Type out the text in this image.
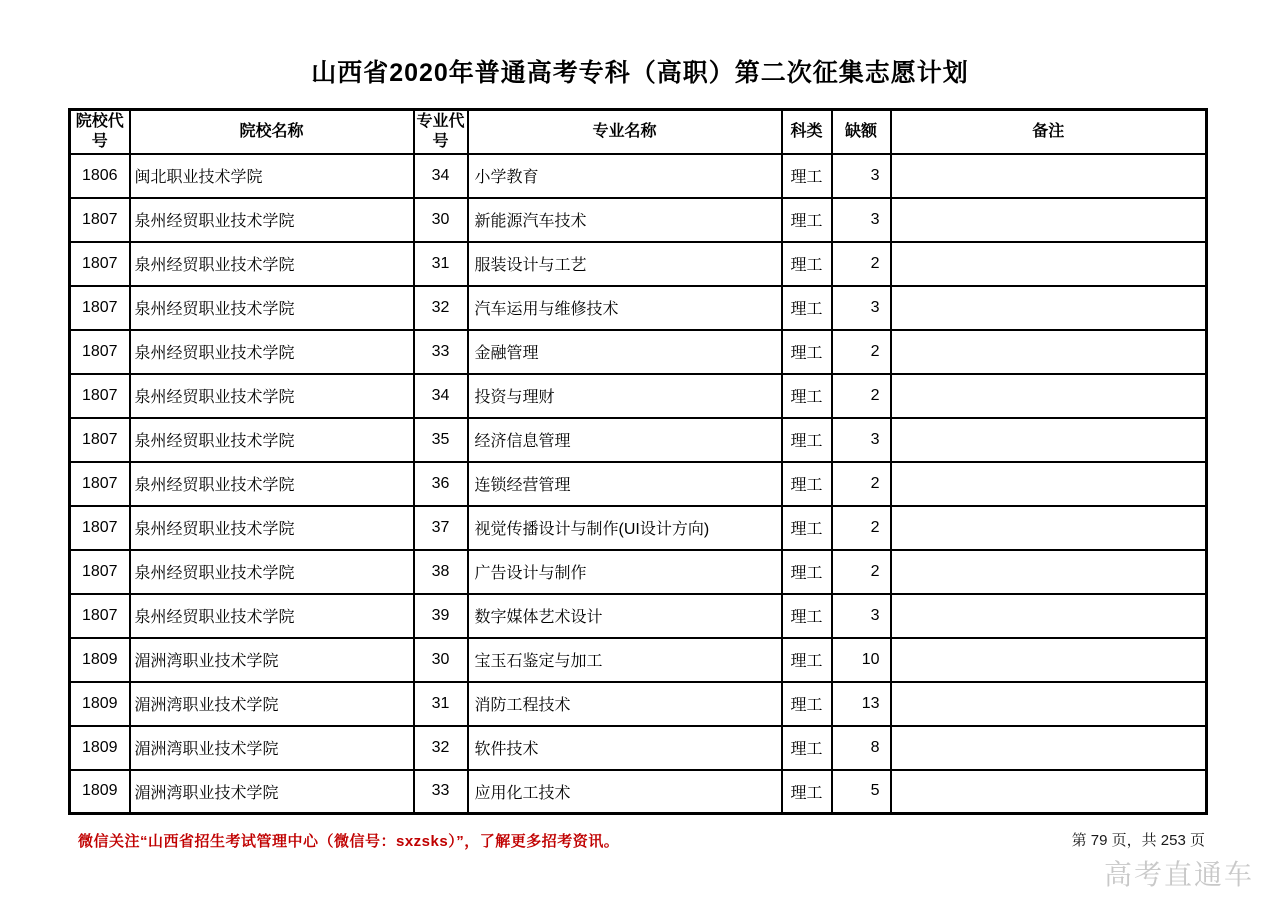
山西省2020年普通高考专科（高职）第二次征集志愿计划
院校代号	院校名称	专业代号	专业名称	科类	缺额	备注
1806	闽北职业技术学院	34	小学教育	理工	3	
1807	泉州经贸职业技术学院	30	新能源汽车技术	理工	3	
1807	泉州经贸职业技术学院	31	服装设计与工艺	理工	2	
1807	泉州经贸职业技术学院	32	汽车运用与维修技术	理工	3	
1807	泉州经贸职业技术学院	33	金融管理	理工	2	
1807	泉州经贸职业技术学院	34	投资与理财	理工	2	
1807	泉州经贸职业技术学院	35	经济信息管理	理工	3	
1807	泉州经贸职业技术学院	36	连锁经营管理	理工	2	
1807	泉州经贸职业技术学院	37	视觉传播设计与制作(UI设计方向)	理工	2	
1807	泉州经贸职业技术学院	38	广告设计与制作	理工	2	
1807	泉州经贸职业技术学院	39	数字媒体艺术设计	理工	3	
1809	湄洲湾职业技术学院	30	宝玉石鉴定与加工	理工	10	
1809	湄洲湾职业技术学院	31	消防工程技术	理工	13	
1809	湄洲湾职业技术学院	32	软件技术	理工	8	
1809	湄洲湾职业技术学院	33	应用化工技术	理工	5	
微信关注“山西省招生考试管理中心（微信号：sxzsks）”，了解更多招考资讯。	第 79 页，共 253 页
高考直通车
